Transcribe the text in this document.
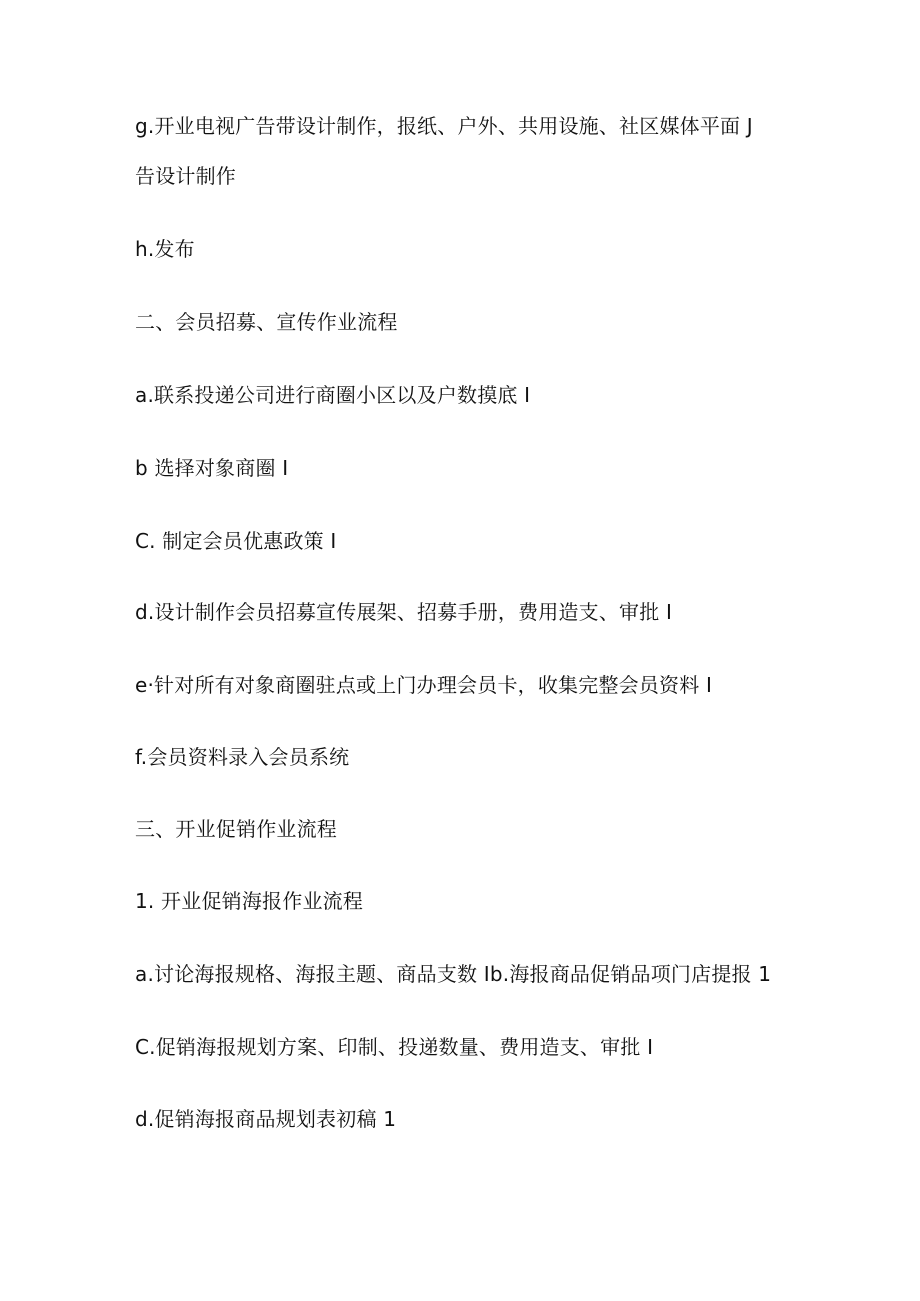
g.开业电视广告带设计制作，报纸、户外、共用设施、社区媒体平面 J
告设计制作
h.发布
二、会员招募、宣传作业流程
a.联系投递公司进行商圈小区以及户数摸底 I
b 选择对象商圈 I
C. 制定会员优惠政策 I
d.设计制作会员招募宣传展架、招募手册，费用造支、审批 I
e·针对所有对象商圈驻点或上门办理会员卡，收集完整会员资料 I
f.会员资料录入会员系统
三、开业促销作业流程
1. 开业促销海报作业流程
a.讨论海报规格、海报主题、商品支数 Ib.海报商品促销品项门店提报 1
C.促销海报规划方案、印制、投递数量、费用造支、审批 I
d.促销海报商品规划表初稿 1
